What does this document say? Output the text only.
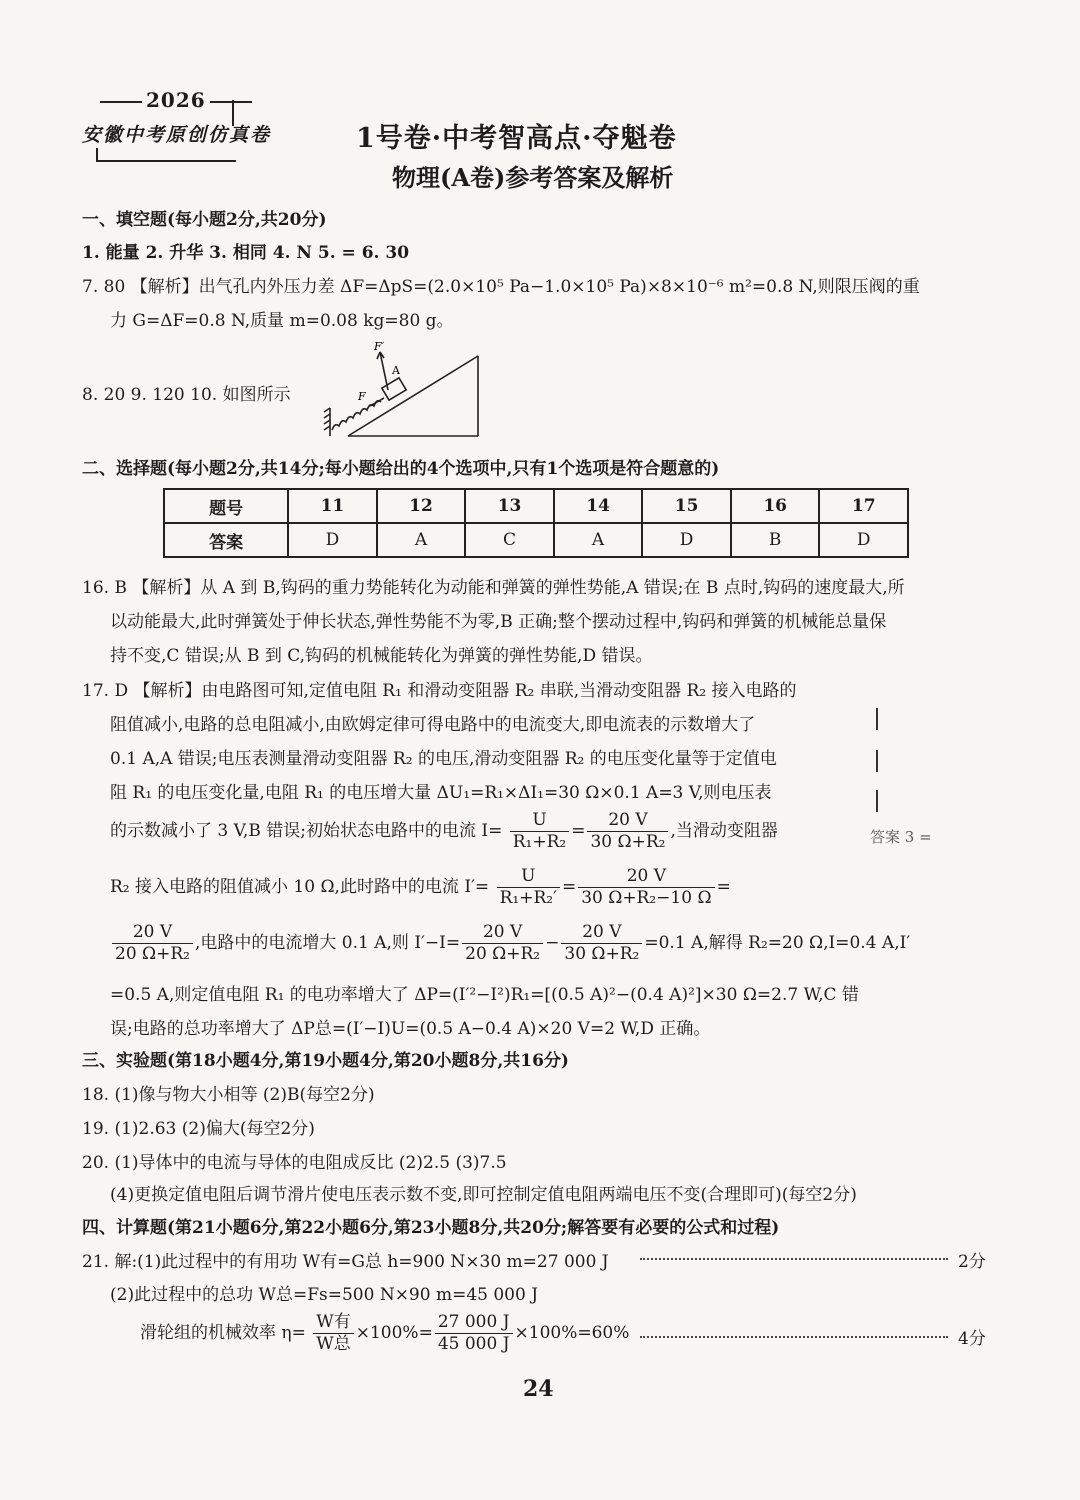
2026
安徽中考原创仿真卷	1号卷·中考智高点·夺魁卷
物理(A卷)参考答案及解析
一、填空题(每小题2分,共20分)
1. 能量 2. 升华 3. 相同 4. N 5. = 6. 30
7. 80 【解析】出气孔内外压力差 ΔF=ΔpS=(2.0×10⁵ Pa−1.0×10⁵ Pa)×8×10⁻⁶ m²=0.8 N,则限压阀的重
力 G=ΔF=0.8 N,质量 m=0.08 kg=80 g。
8. 20 9. 120 10. 如图所示
F′
A
F
二、选择题(每小题2分,共14分;每小题给出的4个选项中,只有1个选项是符合题意的)
题号	11	12	13	14	15	16	17
答案	D	A	C	A	D	B	D
16. B 【解析】从 A 到 B,钩码的重力势能转化为动能和弹簧的弹性势能,A 错误;在 B 点时,钩码的速度最大,所
以动能最大,此时弹簧处于伸长状态,弹性势能不为零,B 正确;整个摆动过程中,钩码和弹簧的机械能总量保
持不变,C 错误;从 B 到 C,钩码的机械能转化为弹簧的弹性势能,D 错误。
17. D 【解析】由电路图可知,定值电阻 R₁ 和滑动变阻器 R₂ 串联,当滑动变阻器 R₂ 接入电路的
阻值减小,电路的总电阻减小,由欧姆定律可得电路中的电流变大,即电流表的示数增大了
0.1 A,A 错误;电压表测量滑动变阻器 R₂ 的电压,滑动变阻器 R₂ 的电压变化量等于定值电
阻 R₁ 的电压变化量,电阻 R₁ 的电压增大量 ΔU₁=R₁×ΔI₁=30 Ω×0.1 A=3 V,则电压表
的示数减小了 3 V,B 错误;初始状态电路中的电流 $I= \frac{U}{\text{R₁+R₂}} = \frac{20 V}{\text{30 Ω+R₂}}$ ,当滑动变阻器	答案 3 =
R₂ 接入电路的阻值减小 10 Ω,此时路中的电流 $I'= \frac{U}{\text{R₁+R₂′}} = \frac{20 V}{\text{30 Ω+R₂−10 Ω}}$ =
$\frac{20 V}{\text{20 Ω+R₂}}$ ,电路中的电流增大 0.1 A,则 $I'-I= \frac{20 V}{\text{20 Ω+R₂}} - \frac{20 V}{\text{30 Ω+R₂}} =0.1$ A,解得 R₂=20 Ω,I=0.4 A,I′
=0.5 A,则定值电阻 R₁ 的电功率增大了 ΔP=(I′²−I²)R₁=[(0.5 A)²−(0.4 A)²]×30 Ω=2.7 W,C 错
误;电路的总功率增大了 ΔP总=(I′−I)U=(0.5 A−0.4 A)×20 V=2 W,D 正确。
三、实验题(第18小题4分,第19小题4分,第20小题8分,共16分)
18. (1)像与物大小相等 (2)B(每空2分)
19. (1)2.63 (2)偏大(每空2分)
20. (1)导体中的电流与导体的电阻成反比 (2)2.5 (3)7.5
(4)更换定值电阻后调节滑片使电压表示数不变,即可控制定值电阻两端电压不变(合理即可)(每空2分)
四、计算题(第21小题6分,第22小题6分,第23小题8分,共20分;解答要有必要的公式和过程)
21. 解:(1)此过程中的有用功 W有=G总 h=900 N×30 m=27 000 J	2分
(2)此过程中的总功 W总=Fs=500 N×90 m=45 000 J
滑轮组的机械效率 $\eta= \frac{\text{W有}}{\text{W总}} \times 100\%= \frac{27 000 J}{45 000 J} \times 100\%=60\%$	4分
24
